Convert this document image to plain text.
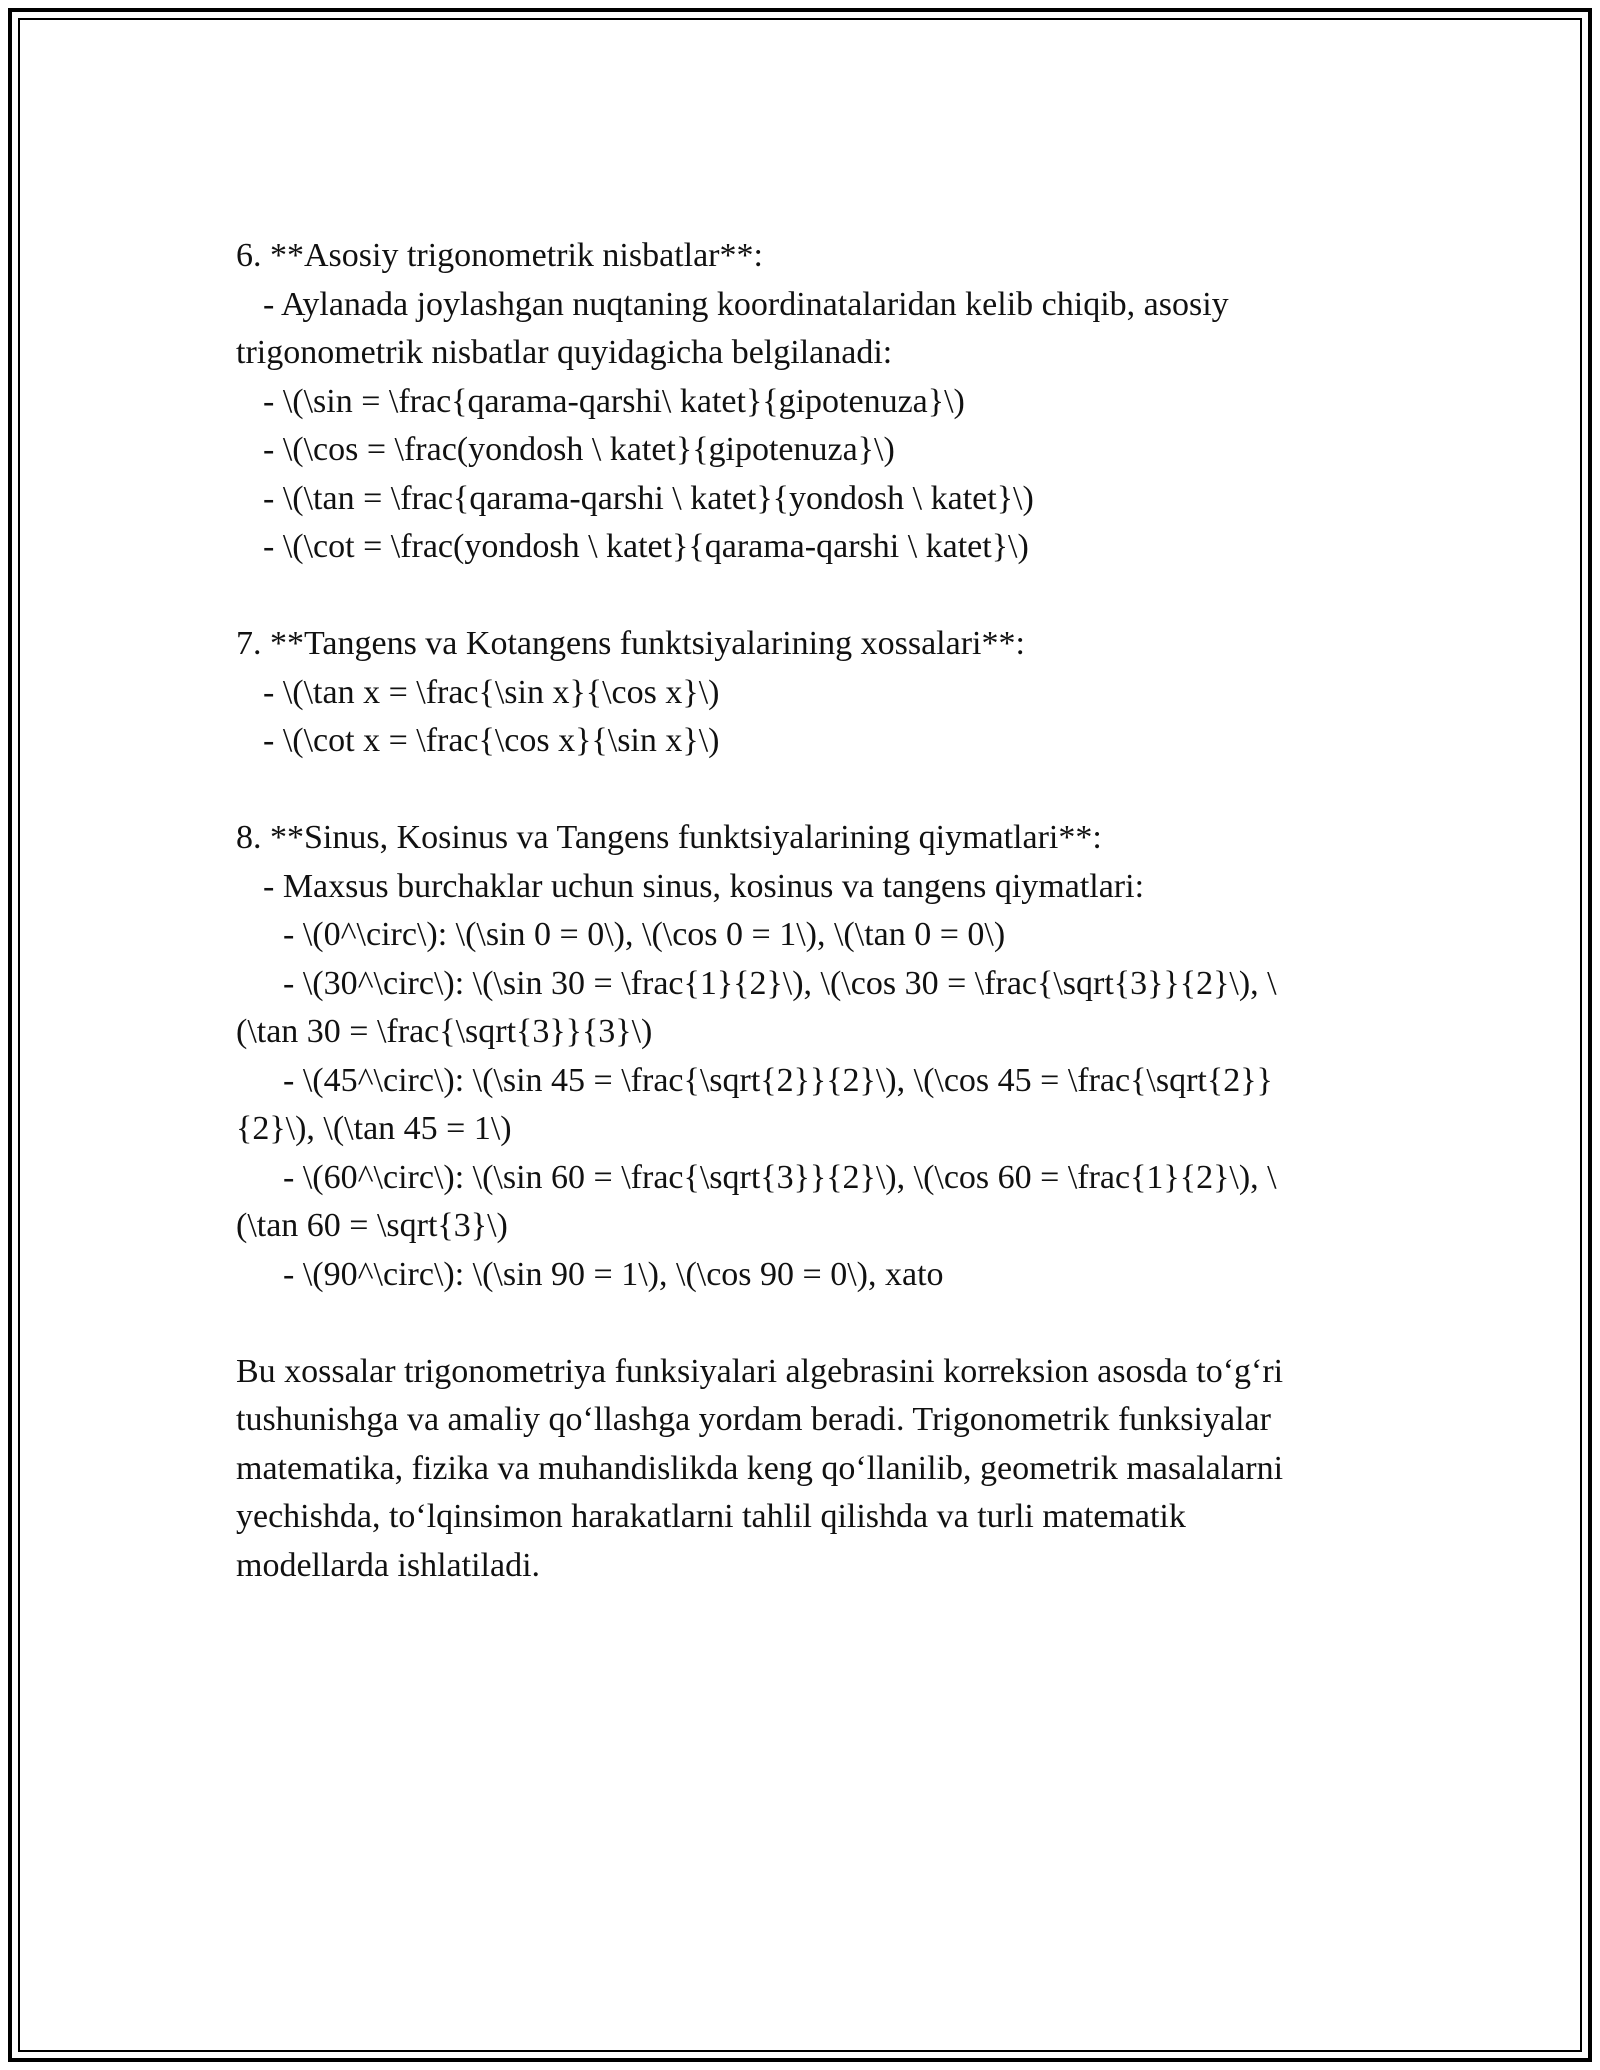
6. **Asosiy trigonometrik nisbatlar**:
- Aylanada joylashgan nuqtaning koordinatalaridan kelib chiqib, asosiy
trigonometrik nisbatlar quyidagicha belgilanadi:
- \(\sin = \frac{qarama-qarshi\ katet}{gipotenuza}\)
- \(\cos = \frac(yondosh \ katet}{gipotenuza}\)
- \(\tan = \frac{qarama-qarshi \ katet}{yondosh \ katet}\)
- \(\cot = \frac(yondosh \ katet}{qarama-qarshi \ katet}\)
7. **Tangens va Kotangens funktsiyalarining xossalari**:
- \(\tan x = \frac{\sin x}{\cos x}\)
- \(\cot x = \frac{\cos x}{\sin x}\)
8. **Sinus, Kosinus va Tangens funktsiyalarining qiymatlari**:
- Maxsus burchaklar uchun sinus, kosinus va tangens qiymatlari:
- \(0^\circ\): \(\sin 0 = 0\), \(\cos 0 = 1\), \(\tan 0 = 0\)
- \(30^\circ\): \(\sin 30 = \frac{1}{2}\), \(\cos 30 = \frac{\sqrt{3}}{2}\), \
(\tan 30 = \frac{\sqrt{3}}{3}\)
- \(45^\circ\): \(\sin 45 = \frac{\sqrt{2}}{2}\), \(\cos 45 = \frac{\sqrt{2}}
{2}\), \(\tan 45 = 1\)
- \(60^\circ\): \(\sin 60 = \frac{\sqrt{3}}{2}\), \(\cos 60 = \frac{1}{2}\), \
(\tan 60 = \sqrt{3}\)
- \(90^\circ\): \(\sin 90 = 1\), \(\cos 90 = 0\), xato
Bu xossalar trigonometriya funksiyalari algebrasini korreksion asosda to‘g‘ri
tushunishga va amaliy qo‘llashga yordam beradi. Trigonometrik funksiyalar
matematika, fizika va muhandislikda keng qo‘llanilib, geometrik masalalarni
yechishda, to‘lqinsimon harakatlarni tahlil qilishda va turli matematik
modellarda ishlatiladi.
